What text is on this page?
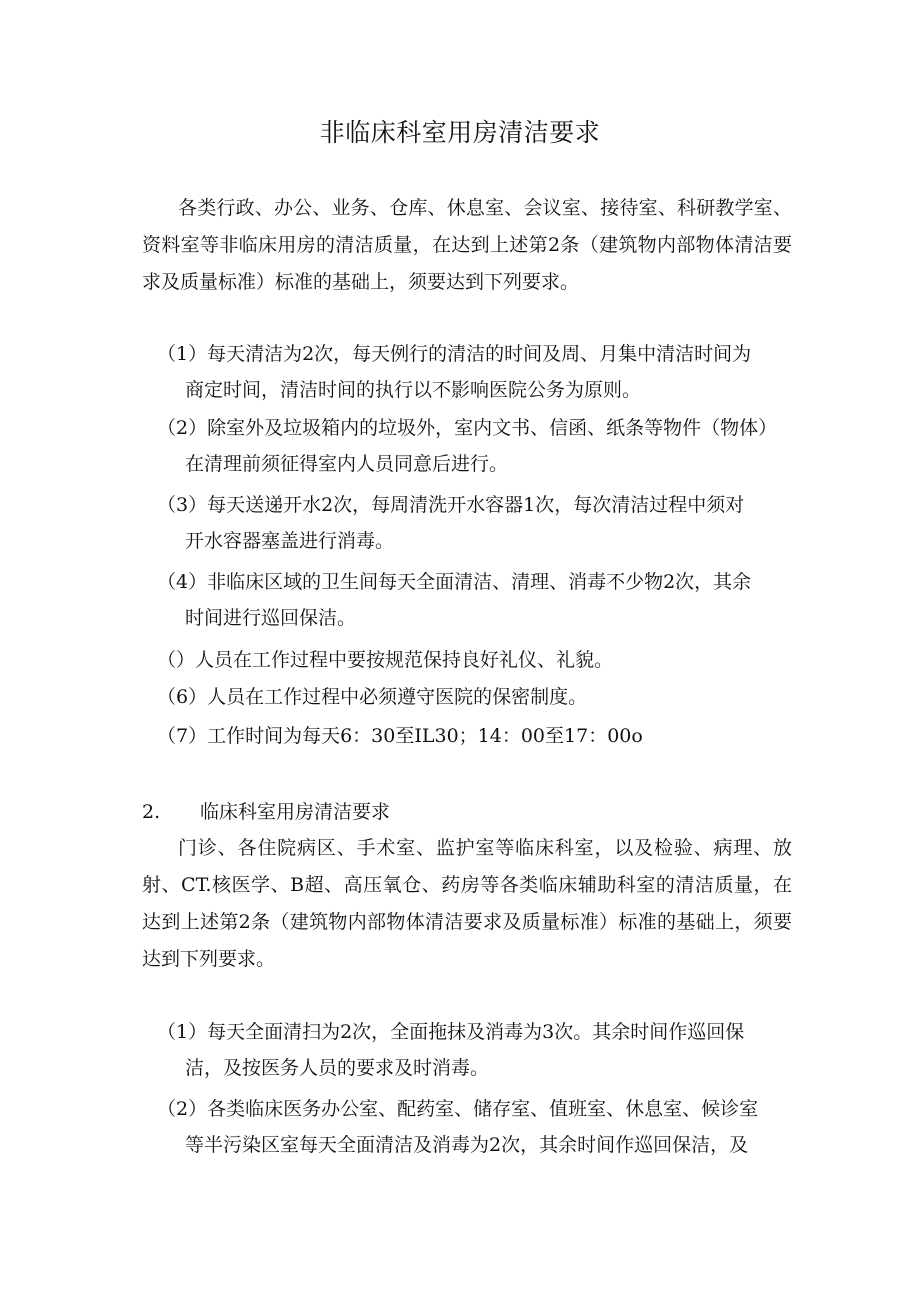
非临床科室用房清洁要求
各类行政、办公、业务、仓库、休息室、会议室、接待室、科研教学室、资料室等非临床用房的清洁质量，在达到上述第2条（建筑物内部物体清洁要求及质量标准）标准的基础上，须要达到下列要求。
（1）每天清洁为2次，每天例行的清洁的时间及周、月集中清洁时间为
商定时间，清洁时间的执行以不影响医院公务为原则。
（2）除室外及垃圾箱内的垃圾外，室内文书、信函、纸条等物件（物体）
在清理前须征得室内人员同意后进行。
（3）每天送递开水2次，每周清洗开水容器1次，每次清洁过程中须对
开水容器塞盖进行消毒。
（4）非临床区域的卫生间每天全面清洁、清理、消毒不少物2次，其余
时间进行巡回保洁。
（）人员在工作过程中要按规范保持良好礼仪、礼貌。
（6）人员在工作过程中必须遵守医院的保密制度。
（7）工作时间为每天6：30至IL30；14：00至17：00o
2. 临床科室用房清洁要求
门诊、各住院病区、手术室、监护室等临床科室，以及检验、病理、放射、CT.核医学、B超、高压氧仓、药房等各类临床辅助科室的清洁质量，在达到上述第2条（建筑物内部物体清洁要求及质量标准）标准的基础上，须要达到下列要求。
（1）每天全面清扫为2次，全面拖抹及消毒为3次。其余时间作巡回保
洁，及按医务人员的要求及时消毒。
（2）各类临床医务办公室、配药室、储存室、值班室、休息室、候诊室
等半污染区室每天全面清洁及消毒为2次，其余时间作巡回保洁，及
